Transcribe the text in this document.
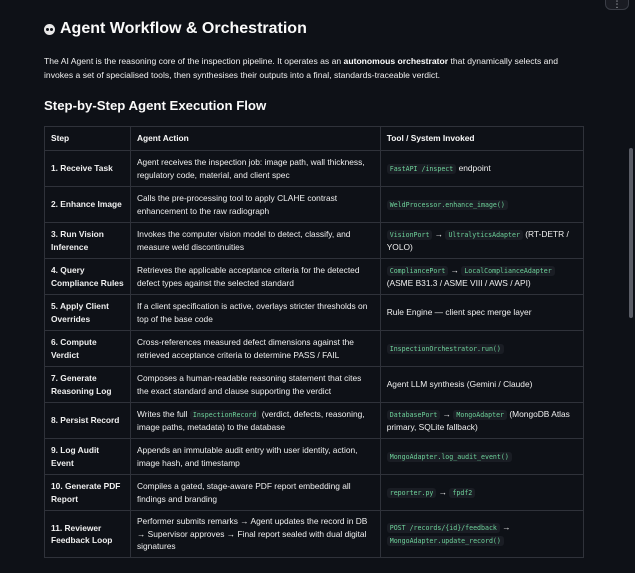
⋮
Agent Workflow & Orchestration
The AI Agent is the reasoning core of the inspection pipeline. It operates as an autonomous orchestrator that dynamically selects and invokes a set of specialised tools, then synthesises their outputs into a final, standards-traceable verdict.
Step-by-Step Agent Execution Flow
Step	Agent Action	Tool / System Invoked
1. Receive Task	Agent receives the inspection job: image path, wall thickness, regulatory code, material, and client spec	FastAPI /inspect endpoint
2. Enhance Image	Calls the pre-processing tool to apply CLAHE contrast enhancement to the raw radiograph	WeldProcessor.enhance_image()
3. Run Vision Inference	Invokes the computer vision model to detect, classify, and measure weld discontinuities	VisionPort → UltralyticsAdapter (RT-DETR / YOLO)
4. Query Compliance Rules	Retrieves the applicable acceptance criteria for the detected defect types against the selected standard	CompliancePort → LocalComplianceAdapter (ASME B31.3 / ASME VIII / AWS / API)
5. Apply Client Overrides	If a client specification is active, overlays stricter thresholds on top of the base code	Rule Engine — client spec merge layer
6. Compute Verdict	Cross-references measured defect dimensions against the retrieved acceptance criteria to determine PASS / FAIL	InspectionOrchestrator.run()
7. Generate Reasoning Log	Composes a human-readable reasoning statement that cites the exact standard and clause supporting the verdict	Agent LLM synthesis (Gemini / Claude)
8. Persist Record	Writes the full InspectionRecord (verdict, defects, reasoning, image paths, metadata) to the database	DatabasePort → MongoAdapter (MongoDB Atlas primary, SQLite fallback)
9. Log Audit Event	Appends an immutable audit entry with user identity, action, image hash, and timestamp	MongoAdapter.log_audit_event()
10. Generate PDF Report	Compiles a gated, stage-aware PDF report embedding all findings and branding	reporter.py → fpdf2
11. Reviewer Feedback Loop	Performer submits remarks → Agent updates the record in DB → Supervisor approves → Final report sealed with dual digital signatures	POST /records/{id}/feedback → MongoAdapter.update_record()
